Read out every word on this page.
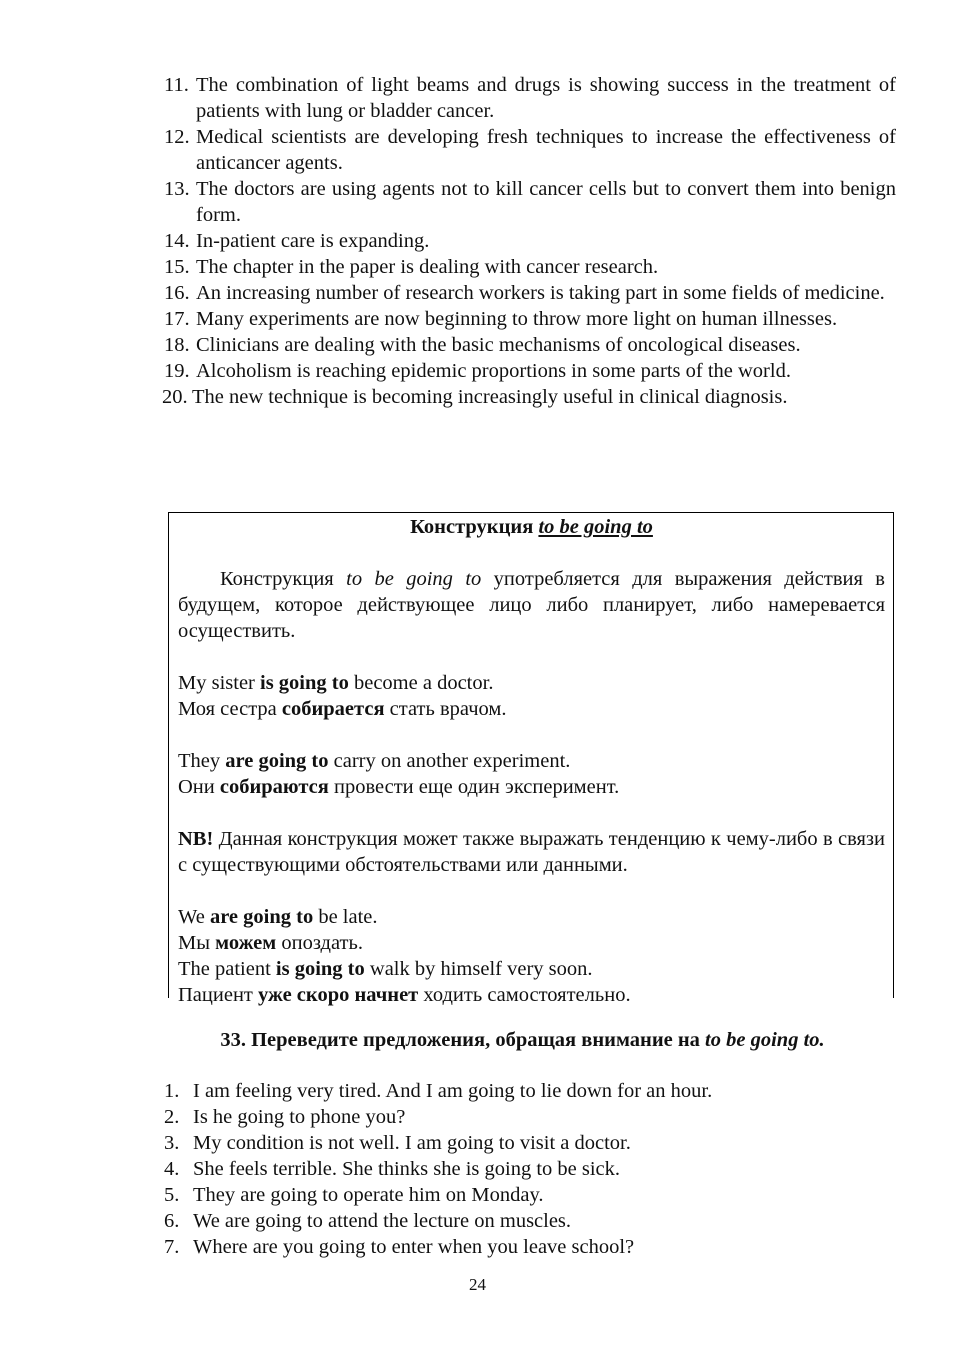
11. The combination of light beams and drugs is showing success in the treatment of patients with lung or bladder cancer.
12. Medical scientists are developing fresh techniques to increase the effectiveness of anticancer agents.
13. The doctors are using agents not to kill cancer cells but to convert them into benign form.
14. In-patient care is expanding.
15. The chapter in the paper is dealing with cancer research.
16. An increasing number of research workers is taking part in some fields of medicine.
17. Many experiments are now beginning to throw more light on human illnesses.
18. Clinicians are dealing with the basic mechanisms of oncological diseases.
19. Alcoholism is reaching epidemic proportions in some parts of the world.
20. The new technique is becoming increasingly useful in clinical diagnosis.
Конструкция to be going to

Конструкция to be going to употребляется для выражения действия в будущем, которое действующее лицо либо планирует, либо намеревается осуществить.

My sister is going to become a doctor.

Моя сестра собирается стать врачом.

They are going to carry on another experiment.

Они собираются провести еще один эксперимент.

NB! Данная конструкция может также выражать тенденцию к чему-либо в связи с существующими обстоятельствами или данными.

We are going to be late.

Мы можем опоздать.

The patient is going to walk by himself very soon.

Пациент уже скоро начнет ходить самостоятельно.

33. Переведите предложения, обращая внимание на to be going to.
1. I am feeling very tired. And I am going to lie down for an hour.
2. Is he going to phone you?
3. My condition is not well. I am going to visit a doctor.
4. She feels terrible. She thinks she is going to be sick.
5. They are going to operate him on Monday.
6. We are going to attend the lecture on muscles.
7. Where are you going to enter when you leave school?
24
